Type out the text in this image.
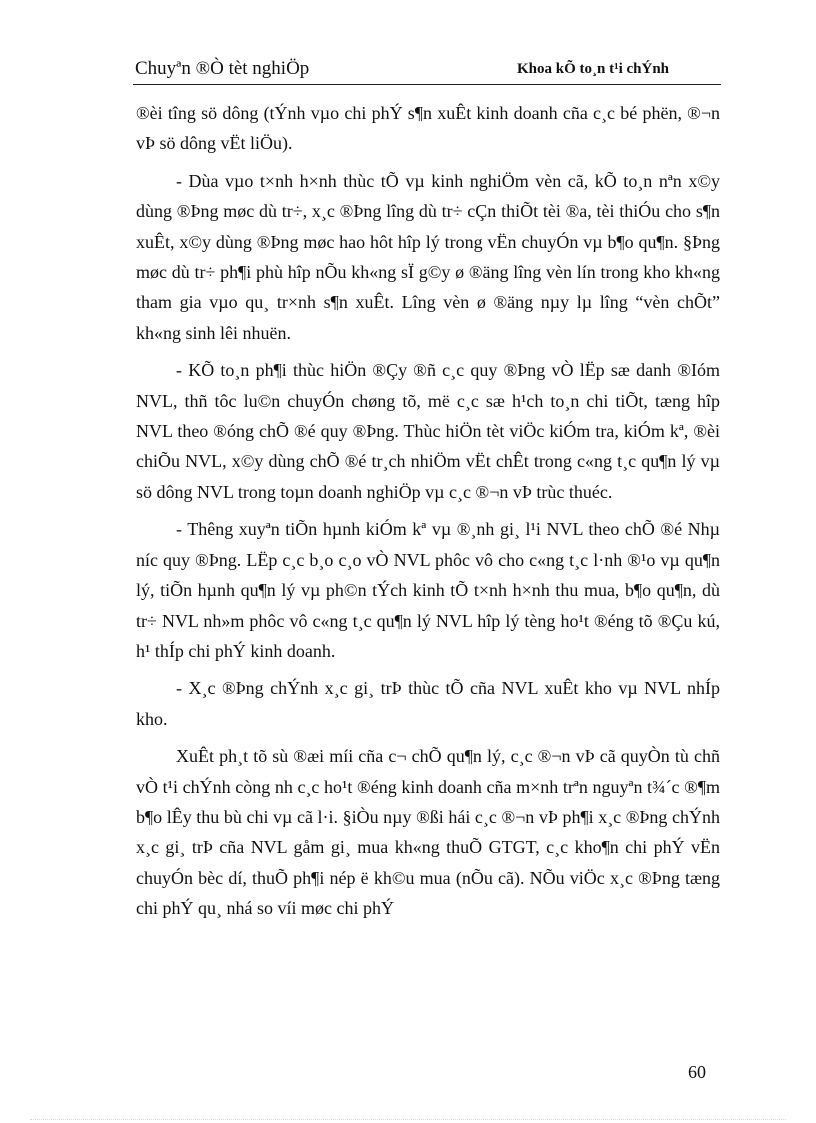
Chuyªn ®Ò tèt nghiÖp	Khoa kÕ to¸n t¹i chÝnh

®èi tîng sö dông (tÝnh vµo chi phÝ s¶n xuÊt kinh doanh cña c¸c bé phën, ®¬n vÞ sö dông vËt liÖu).

- Dùa vµo t×nh h×nh thùc tÕ vµ kinh nghiÖm vèn cã, kÕ to¸n nªn x©y dùng ®Þng møc dù tr÷, x¸c ®Þng lîng dù tr÷ cÇn thiÕt tèi ®a, tèi thiÓu cho s¶n xuÊt, x©y dùng ®Þng møc hao hôt hîp lý trong vËn chuyÓn vµ b¶o qu¶n. §Þng møc dù tr÷ ph¶i phù hîp nÕu kh«ng sÏ g©y ø ®äng lîng vèn lín trong kho kh«ng tham gia vµo qu¸ tr×nh s¶n xuÊt. Lîng vèn ø ®äng nµy lµ lîng “vèn chÕt” kh«ng sinh lêi nhuën.

- KÕ to¸n ph¶i thùc hiÖn ®Çy ®ñ c¸c quy ®Þng vÒ lËp sæ danh ®Ióm NVL, thñ tôc lu©n chuyÓn chøng tõ, më c¸c sæ h¹ch to¸n chi tiÕt, tæng hîp NVL theo ®óng chÕ ®é quy ®Þng. Thùc hiÖn tèt viÖc kiÓm tra, kiÓm kª, ®èi chiÕu NVL, x©y dùng chÕ ®é tr¸ch nhiÖm vËt chÊt trong c«ng t¸c qu¶n lý vµ sö dông NVL trong toµn doanh nghiÖp vµ c¸c ®¬n vÞ trùc thuéc.

- Thêng xuyªn tiÕn hµnh kiÓm kª vµ ®¸nh gi¸ l¹i NVL theo chÕ ®é Nhµ níc quy ®Þng. LËp c¸c b¸o c¸o vÒ NVL phôc vô cho c«ng t¸c l·nh ®¹o vµ qu¶n lý, tiÕn hµnh qu¶n lý vµ ph©n tÝch kinh tÕ t×nh h×nh thu mua, b¶o qu¶n, dù tr÷ NVL nh»m phôc vô c«ng t¸c qu¶n lý NVL hîp lý tèng ho¹t ®éng tõ ®Çu kú, h¹ thÍp chi phÝ kinh doanh.

- X¸c ®Þng chÝnh x¸c gi¸ trÞ thùc tÕ cña NVL xuÊt kho vµ NVL nhÍp kho.

XuÊt ph¸t tõ sù ®æi míi cña c¬ chÕ qu¶n lý, c¸c ®¬n vÞ cã quyÒn tù chñ vÒ t¹i chÝnh còng nh c¸c ho¹t ®éng kinh doanh cña m×nh trªn nguyªn t¾´c ®¶m b¶o lÊy thu bù chi vµ cã l·i. §iÒu nµy ®ßi hái c¸c ®¬n vÞ ph¶i x¸c ®Þng chÝnh x¸c gi¸ trÞ cña NVL gåm gi¸ mua kh«ng thuÕ GTGT, c¸c kho¶n chi phÝ vËn chuyÓn bèc dí, thuÕ ph¶i nép ë kh©u mua (nÕu cã). NÕu viÖc x¸c ®Þng tæng chi phÝ qu¸ nhá so víi møc chi phÝ

60
